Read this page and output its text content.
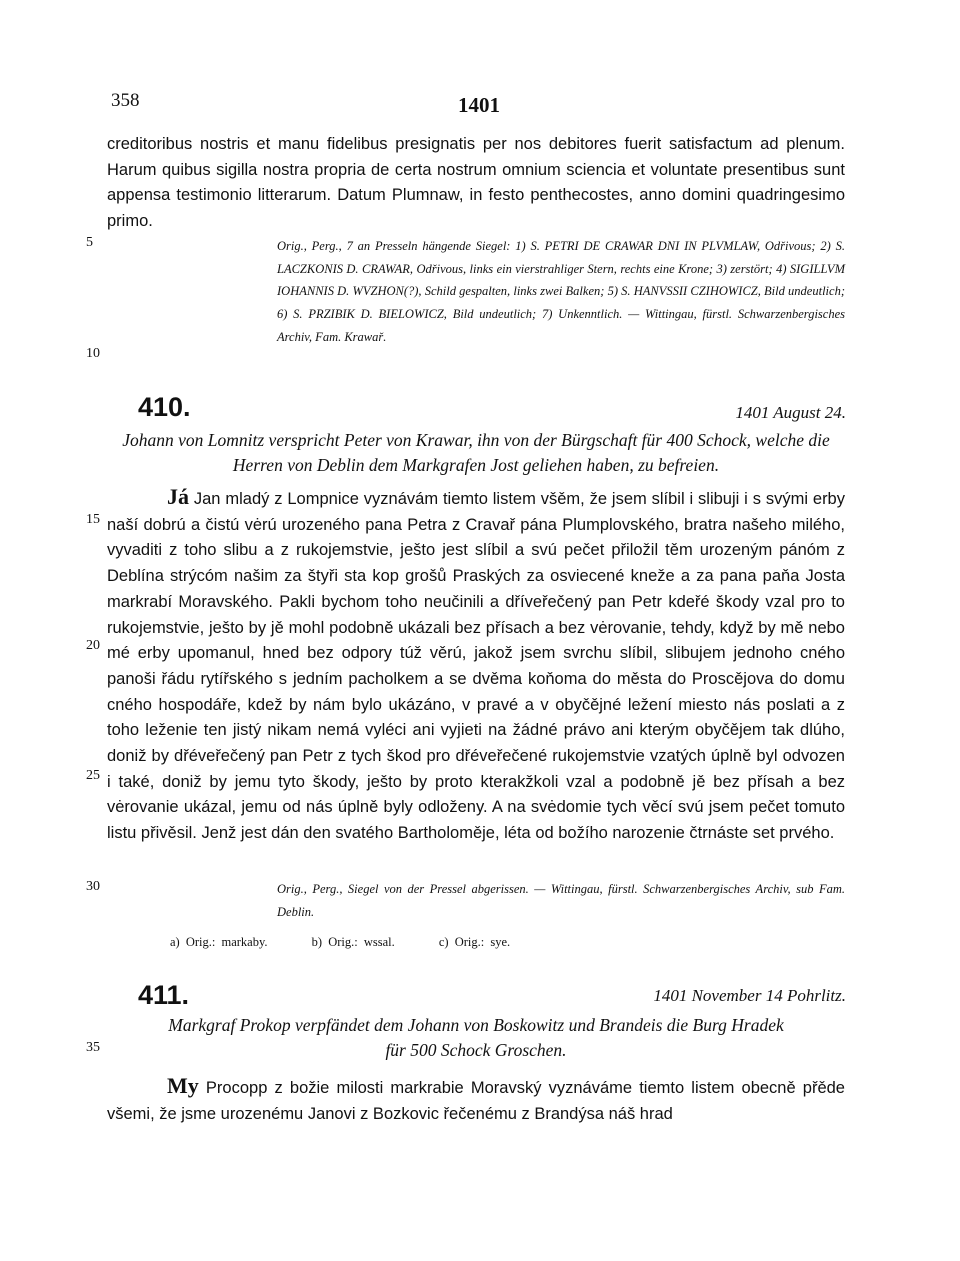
358	1401
5
10
15
20
25
30
35

creditoribus nostris et manu fidelibus presignatis per nos debitores fuerit satisfactum ad plenum. Harum quibus sigilla nostra propria de certa nostrum omnium sciencia et voluntate presentibus sunt appensa testimonio litterarum. Datum Plumnaw, in festo penthecostes, anno domini quadringesimo primo.

Orig., Perg., 7 an Presseln hängende Siegel: 1) S. PETRI DE CRAWAR DNI IN PLVMLAW, Odřivous; 2) S. LACZKONIS D. CRAWAR, Odřivous, links ein vierstrahliger Stern, rechts eine Krone; 3) zerstört; 4) SIGILLVM IOHANNIS D. WVZHON(?), Schild gespalten, links zwei Balken; 5) S. HANVSSII CZIHOWICZ, Bild undeutlich; 6) S. PRZIBIK D. BIELOWICZ, Bild undeutlich; 7) Unkenntlich. — Wittingau, fürstl. Schwarzenbergisches Archiv, Fam. Krawař.

410.	1401 August 24.

Johann von Lomnitz verspricht Peter von Krawar, ihn von der Bürgschaft für 400 Schock, welche die Herren von Deblin dem Markgrafen Jost geliehen haben, zu befreien.

Já Jan mladý z Lompnice vyznávám tiemto listem všěm, že jsem slíbil i slibuji i s svými erby naší dobrú a čistú vėrú urozeného pana Petra z Cravař pána Plumplovského, bratra našeho milého, vyvaditi z toho slibu a z rukojemstvie, ješto jest slíbil a svú pečet přiložil těm urozeným pánóm z Deblína strýcóm našim za štyři sta kop grošů Praských za osviecené kneže a za pana paňa Josta markrabí Moravského. Pakli bychom toho neučinili a dříveřečený pan Petr kdeřé škody vzal pro to rukojemstvie, ješto by jě mohl podobně ukázali bez přísach a bez vėrovanie, tehdy, když by mě nebo mé erby upomanul, hned bez odpory túž věrú, jakož jsem svrchu slíbil, slibujem jednoho cného panoši řádu rytířského s jedním pacholkem a se dvěma koňoma do města do Proscějova do domu cného hospodáře, kdež by nám bylo ukázáno, v pravé a v obyčějné ležení miesto nás poslati a z toho leženie ten jistý nikam nemá vyléci ani vyjieti na žádné právo ani kterým obyčějem tak dlúho, doniž by dřéveřečený pan Petr z tych škod pro dřéveřečené rukojemstvie vzatých úplně byl odvozen i také, doniž by jemu tyto škody, ješto by proto kterakžkoli vzal a podobně jě bez přísah a bez vėrovanie ukázal, jemu od nás úplně byly odloženy. A na svėdomie tych věcí svú jsem pečet tomuto listu přivěsil. Jenž jest dán den svatého Bartholoměje, léta od božího narozenie čtrnáste set prvého.

Orig., Perg., Siegel von der Pressel abgerissen. — Wittingau, fürstl. Schwarzenbergisches Archiv, sub Fam. Deblin.

a) Orig.: markaby.	b) Orig.: wssal.	c) Orig.: sye.
411.	1401 November 14 Pohrlitz.

Markgraf Prokop verpfändet dem Johann von Boskowitz und Brandeis die Burg Hradek

für 500 Schock Groschen.

My Procopp z božie milosti markrabie Moravský vyznáváme tiemto listem obecně přěde všemi, že jsme urozenému Janovi z Bozkovic řečenému z Brandýsa náš hrad
